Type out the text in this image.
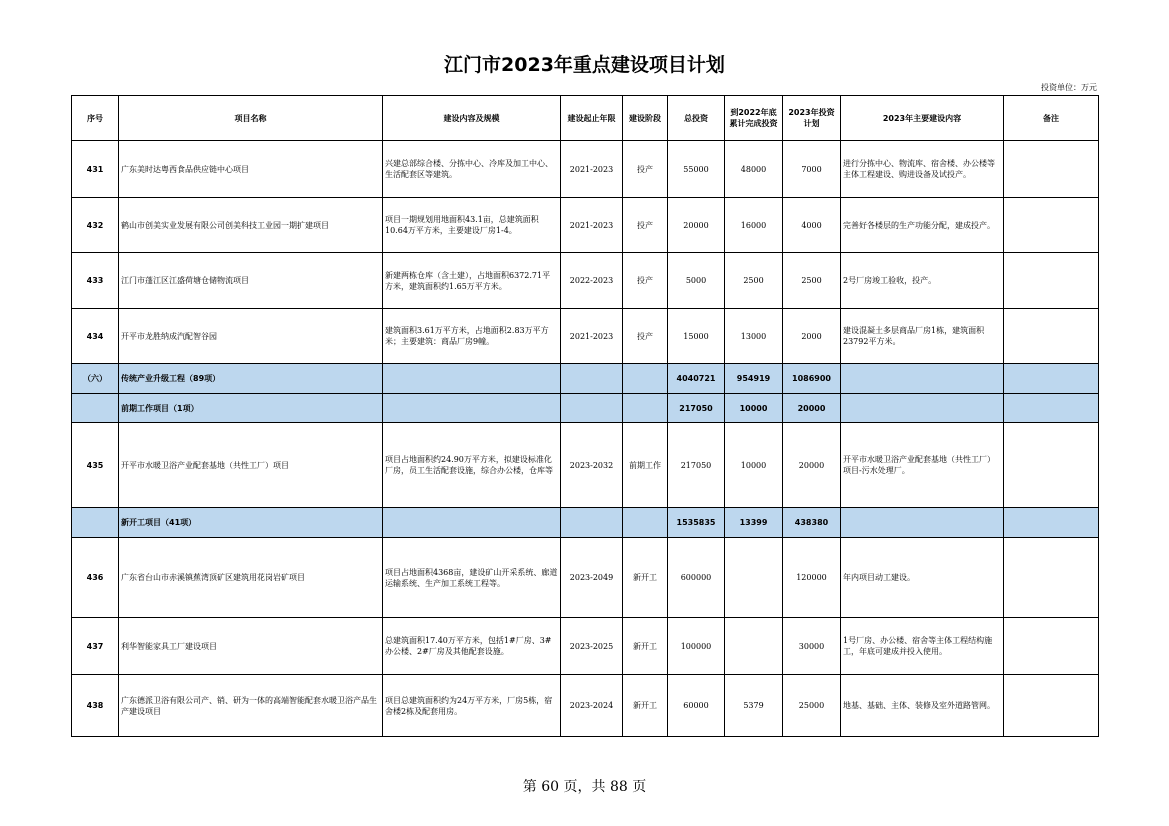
江门市2023年重点建设项目计划
投资单位：万元
序号	项目名称	建设内容及规模	建设起止年限	建设阶段	总投资	到2022年底累计完成投资	2023年投资计划	2023年主要建设内容	备注
431	广东美时达粤西食品供应链中心项目	兴建总部综合楼、分拣中心、冷库及加工中心、生活配套区等建筑。	2021-2023	投产	55000	48000	7000	进行分拣中心、物流库、宿舍楼、办公楼等主体工程建设、购进设备及试投产。	
432	鹤山市创美实业发展有限公司创美科技工业园一期扩建项目	项目一期规划用地面积43.1亩，总建筑面积10.64万平方米，主要建设厂房1-4。	2021-2023	投产	20000	16000	4000	完善好各楼层的生产功能分配，建成投产。	
433	江门市蓬江区江盛荷塘仓储物流项目	新建两栋仓库（含土建），占地面积6372.71平方米，建筑面积约1.65万平方米。	2022-2023	投产	5000	2500	2500	2号厂房竣工验收，投产。	
434	开平市龙胜纳成汽配智谷园	建筑面积3.61万平方米，占地面积2.83万平方米；主要建筑：商品厂房9幢。	2021-2023	投产	15000	13000	2000	建设混凝土多层商品厂房1栋，建筑面积23792平方米。	
（六）	传统产业升级工程（89项）				4040721	954919	1086900		
	前期工作项目（1项）				217050	10000	20000		
435	开平市水暖卫浴产业配套基地（共性工厂）项目	项目占地面积约24.90万平方米，拟建设标准化厂房，员工生活配套设施，综合办公楼，仓库等	2023-2032	前期工作	217050	10000	20000	开平市水暖卫浴产业配套基地（共性工厂）项目-污水处理厂。	
	新开工项目（41项）				1535835	13399	438380		
436	广东省台山市赤溪镇蕉湾顶矿区建筑用花岗岩矿项目	项目占地面积4368亩，建设矿山开采系统、廊道运输系统、生产加工系统工程等。	2023-2049	新开工	600000		120000	年内项目动工建设。	
437	利华智能家具工厂建设项目	总建筑面积17.40万平方米，包括1#厂房、3#办公楼、2#厂房及其他配套设施。	2023-2025	新开工	100000		30000	1号厂房、办公楼、宿舍等主体工程结构施工，年底可建成并投入使用。	
438	广东德派卫浴有限公司产、销、研为一体的高端智能配套水暖卫浴产品生产建设项目	项目总建筑面积约为24万平方米，厂房5栋，宿舍楼2栋及配套用房。	2023-2024	新开工	60000	5379	25000	地基、基础、主体、装修及室外道路管网。	
第 60 页，共 88 页
